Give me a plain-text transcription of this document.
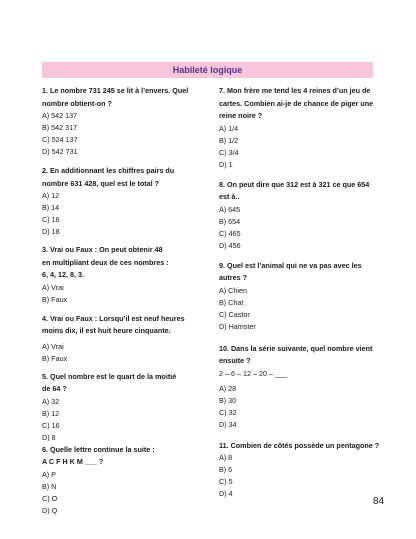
Habileté logique
1. Le nombre 731 245 se lit à l’envers. Quel
nombre obtient-on ?
A) 542 137
B) 542 317
C) 524 137
D) 542 731
2. En additionnant les chiffres pairs du
nombre 631 428, quel est le total ?
A) 12
B) 14
C) 16
D) 18
3. Vrai ou Faux : On peut obtenir 48
en multipliant deux de ces nombres :
6, 4, 12, 8, 3.
A) Vrai
B) Faux
4. Vrai ou Faux : Lorsqu’il est neuf heures
moins dix, il est huit heure cinquante.
A) Vrai
B) Faux
5. Quel nombre est le quart de la moitié
de 64 ?
A) 32
B) 12
C) 16
D) 8
6. Quelle lettre continue la suite :
A C F H K M ___ ?
A) P
B) N
C) O
D) Q
7. Mon frère me tend les 4 reines d’un jeu de
cartes. Combien ai-je de chance de piger une
reine noire ?
A) 1/4
B) 1/2
C) 3/4
D) 1
8. On peut dire que 312 est à 321 ce que 654
est à..
A) 645
B) 654
C) 465
D) 456
9. Quel est l’animal qui ne va pas avec les
autres ?
A) Chien
B) Chat
C) Castor
D) Hamster
10. Dans la série suivante, quel nombre vient
ensuite ?
2 – 6 – 12 – 20 – ___
A) 28
B) 30
C) 32
D) 34
11. Combien de côtés possède un pentagone ?
A) 8
B) 6
C) 5
D) 4
84
